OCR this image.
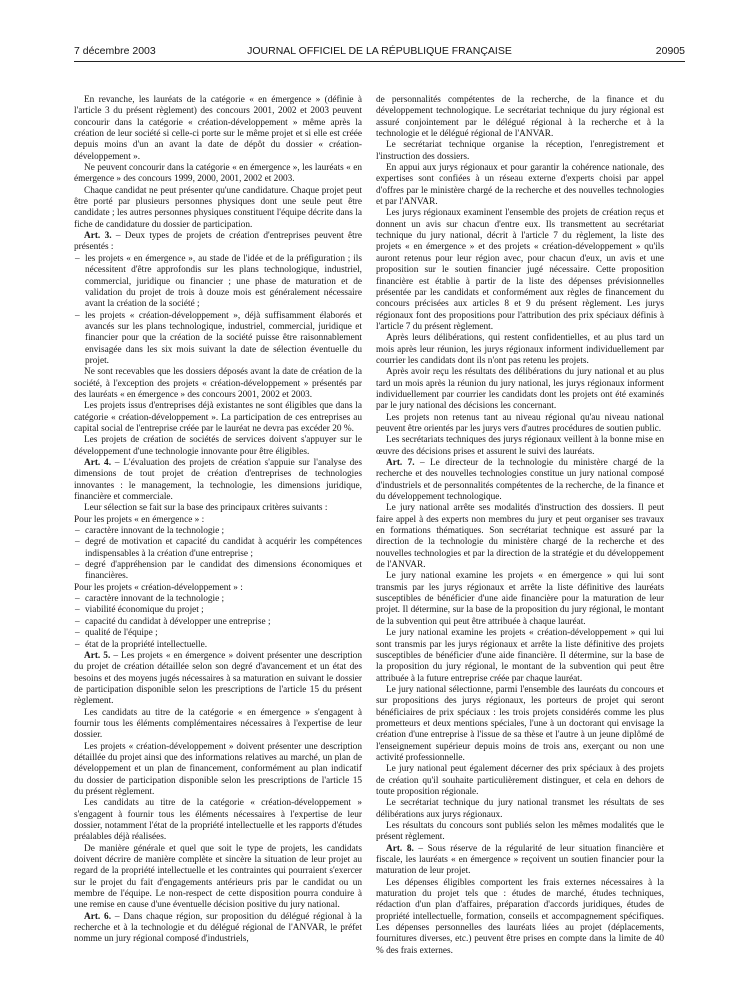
7 décembre 2003	JOURNAL OFFICIEL DE LA RÉPUBLIQUE FRANÇAISE	20905

En revanche, les lauréats de la catégorie « en émergence » (définie à l'article 3 du présent règlement) des concours 2001, 2002 et 2003 peuvent concourir dans la catégorie « création-développement » même après la création de leur société si celle-ci porte sur le même projet et si elle est créée depuis moins d'un an avant la date de dépôt du dossier « création-développement ».

Ne peuvent concourir dans la catégorie « en émergence », les lauréats « en émergence » des concours 1999, 2000, 2001, 2002 et 2003.

Chaque candidat ne peut présenter qu'une candidature. Chaque projet peut être porté par plusieurs personnes physiques dont une seule peut être candidate ; les autres personnes physiques constituent l'équipe décrite dans la fiche de candidature du dossier de participation.

Art. 3. – Deux types de projets de création d'entreprises peuvent être présentés :

– les projets « en émergence », au stade de l'idée et de la préfiguration ; ils nécessitent d'être approfondis sur les plans technologique, industriel, commercial, juridique ou financier ; une phase de maturation et de validation du projet de trois à douze mois est généralement nécessaire avant la création de la société ;
– les projets « création-développement », déjà suffisamment élaborés et avancés sur les plans technologique, industriel, commercial, juridique et financier pour que la création de la société puisse être raisonnablement envisagée dans les six mois suivant la date de sélection éventuelle du projet.

Ne sont recevables que les dossiers déposés avant la date de création de la société, à l'exception des projets « création-développement » présentés par des lauréats « en émergence » des concours 2001, 2002 et 2003.

Les projets issus d'entreprises déjà existantes ne sont éligibles que dans la catégorie « création-développement ». La participation de ces entreprises au capital social de l'entreprise créée par le lauréat ne devra pas excéder 20 %.

Les projets de création de sociétés de services doivent s'appuyer sur le développement d'une technologie innovante pour être éligibles.

Art. 4. – L'évaluation des projets de création s'appuie sur l'analyse des dimensions de tout projet de création d'entreprises de technologies innovantes : le management, la technologie, les dimensions juridique, financière et commerciale.

Leur sélection se fait sur la base des principaux critères suivants :

Pour les projets « en émergence » :

– caractère innovant de la technologie ;
– degré de motivation et capacité du candidat à acquérir les compétences indispensables à la création d'une entreprise ;
– degré d'appréhension par le candidat des dimensions économiques et financières.

Pour les projets « création-développement » :

– caractère innovant de la technologie ;
– viabilité économique du projet ;
– capacité du candidat à développer une entreprise ;
– qualité de l'équipe ;
– état de la propriété intellectuelle.

Art. 5. – Les projets « en émergence » doivent présenter une description du projet de création détaillée selon son degré d'avancement et un état des besoins et des moyens jugés nécessaires à sa maturation en suivant le dossier de participation disponible selon les prescriptions de l'article 15 du présent règlement.

Les candidats au titre de la catégorie « en émergence » s'engagent à fournir tous les éléments complémentaires nécessaires à l'expertise de leur dossier.

Les projets « création-développement » doivent présenter une description détaillée du projet ainsi que des informations relatives au marché, un plan de développement et un plan de financement, conformément au plan indicatif du dossier de participation disponible selon les prescriptions de l'article 15 du présent règlement.

Les candidats au titre de la catégorie « création-développement » s'engagent à fournir tous les éléments nécessaires à l'expertise de leur dossier, notamment l'état de la propriété intellectuelle et les rapports d'études préalables déjà réalisées.

De manière générale et quel que soit le type de projets, les candidats doivent décrire de manière complète et sincère la situation de leur projet au regard de la propriété intellectuelle et les contraintes qui pourraient s'exercer sur le projet du fait d'engagements antérieurs pris par le candidat ou un membre de l'équipe. Le non-respect de cette disposition pourra conduire à une remise en cause d'une éventuelle décision positive du jury national.

Art. 6. – Dans chaque région, sur proposition du délégué régional à la recherche et à la technologie et du délégué régional de l'ANVAR, le préfet nomme un jury régional composé d'industriels,

de personnalités compétentes de la recherche, de la finance et du développement technologique. Le secrétariat technique du jury régional est assuré conjointement par le délégué régional à la recherche et à la technologie et le délégué régional de l'ANVAR.

Le secrétariat technique organise la réception, l'enregistrement et l'instruction des dossiers.

En appui aux jurys régionaux et pour garantir la cohérence nationale, des expertises sont confiées à un réseau externe d'experts choisi par appel d'offres par le ministère chargé de la recherche et des nouvelles technologies et par l'ANVAR.

Les jurys régionaux examinent l'ensemble des projets de création reçus et donnent un avis sur chacun d'entre eux. Ils transmettent au secrétariat technique du jury national, décrit à l'article 7 du règlement, la liste des projets « en émergence » et des projets « création-développement » qu'ils auront retenus pour leur région avec, pour chacun d'eux, un avis et une proposition sur le soutien financier jugé nécessaire. Cette proposition financière est établie à partir de la liste des dépenses prévisionnelles présentée par les candidats et conformément aux règles de financement du concours précisées aux articles 8 et 9 du présent règlement. Les jurys régionaux font des propositions pour l'attribution des prix spéciaux définis à l'article 7 du présent règlement.

Après leurs délibérations, qui restent confidentielles, et au plus tard un mois après leur réunion, les jurys régionaux informent individuellement par courrier les candidats dont ils n'ont pas retenu les projets.

Après avoir reçu les résultats des délibérations du jury national et au plus tard un mois après la réunion du jury national, les jurys régionaux informent individuellement par courrier les candidats dont les projets ont été examinés par le jury national des décisions les concernant.

Les projets non retenus tant au niveau régional qu'au niveau national peuvent être orientés par les jurys vers d'autres procédures de soutien public.

Les secrétariats techniques des jurys régionaux veillent à la bonne mise en œuvre des décisions prises et assurent le suivi des lauréats.

Art. 7. – Le directeur de la technologie du ministère chargé de la recherche et des nouvelles technologies constitue un jury national composé d'industriels et de personnalités compétentes de la recherche, de la finance et du développement technologique.

Le jury national arrête ses modalités d'instruction des dossiers. Il peut faire appel à des experts non membres du jury et peut organiser ses travaux en formations thématiques. Son secrétariat technique est assuré par la direction de la technologie du ministère chargé de la recherche et des nouvelles technologies et par la direction de la stratégie et du développement de l'ANVAR.

Le jury national examine les projets « en émergence » qui lui sont transmis par les jurys régionaux et arrête la liste définitive des lauréats susceptibles de bénéficier d'une aide financière pour la maturation de leur projet. Il détermine, sur la base de la proposition du jury régional, le montant de la subvention qui peut être attribuée à chaque lauréat.

Le jury national examine les projets « création-développement » qui lui sont transmis par les jurys régionaux et arrête la liste définitive des projets susceptibles de bénéficier d'une aide financière. Il détermine, sur la base de la proposition du jury régional, le montant de la subvention qui peut être attribuée à la future entreprise créée par chaque lauréat.

Le jury national sélectionne, parmi l'ensemble des lauréats du concours et sur propositions des jurys régionaux, les porteurs de projet qui seront bénéficiaires de prix spéciaux : les trois projets considérés comme les plus prometteurs et deux mentions spéciales, l'une à un doctorant qui envisage la création d'une entreprise à l'issue de sa thèse et l'autre à un jeune diplômé de l'enseignement supérieur depuis moins de trois ans, exerçant ou non une activité professionnelle.

Le jury national peut également décerner des prix spéciaux à des projets de création qu'il souhaite particulièrement distinguer, et cela en dehors de toute proposition régionale.

Le secrétariat technique du jury national transmet les résultats de ses délibérations aux jurys régionaux.

Les résultats du concours sont publiés selon les mêmes modalités que le présent règlement.

Art. 8. – Sous réserve de la régularité de leur situation financière et fiscale, les lauréats « en émergence » reçoivent un soutien financier pour la maturation de leur projet.

Les dépenses éligibles comportent les frais externes nécessaires à la maturation du projet tels que : études de marché, études techniques, rédaction d'un plan d'affaires, préparation d'accords juridiques, études de propriété intellectuelle, formation, conseils et accompagnement spécifiques. Les dépenses personnelles des lauréats liées au projet (déplacements, fournitures diverses, etc.) peuvent être prises en compte dans la limite de 40 % des frais externes.
